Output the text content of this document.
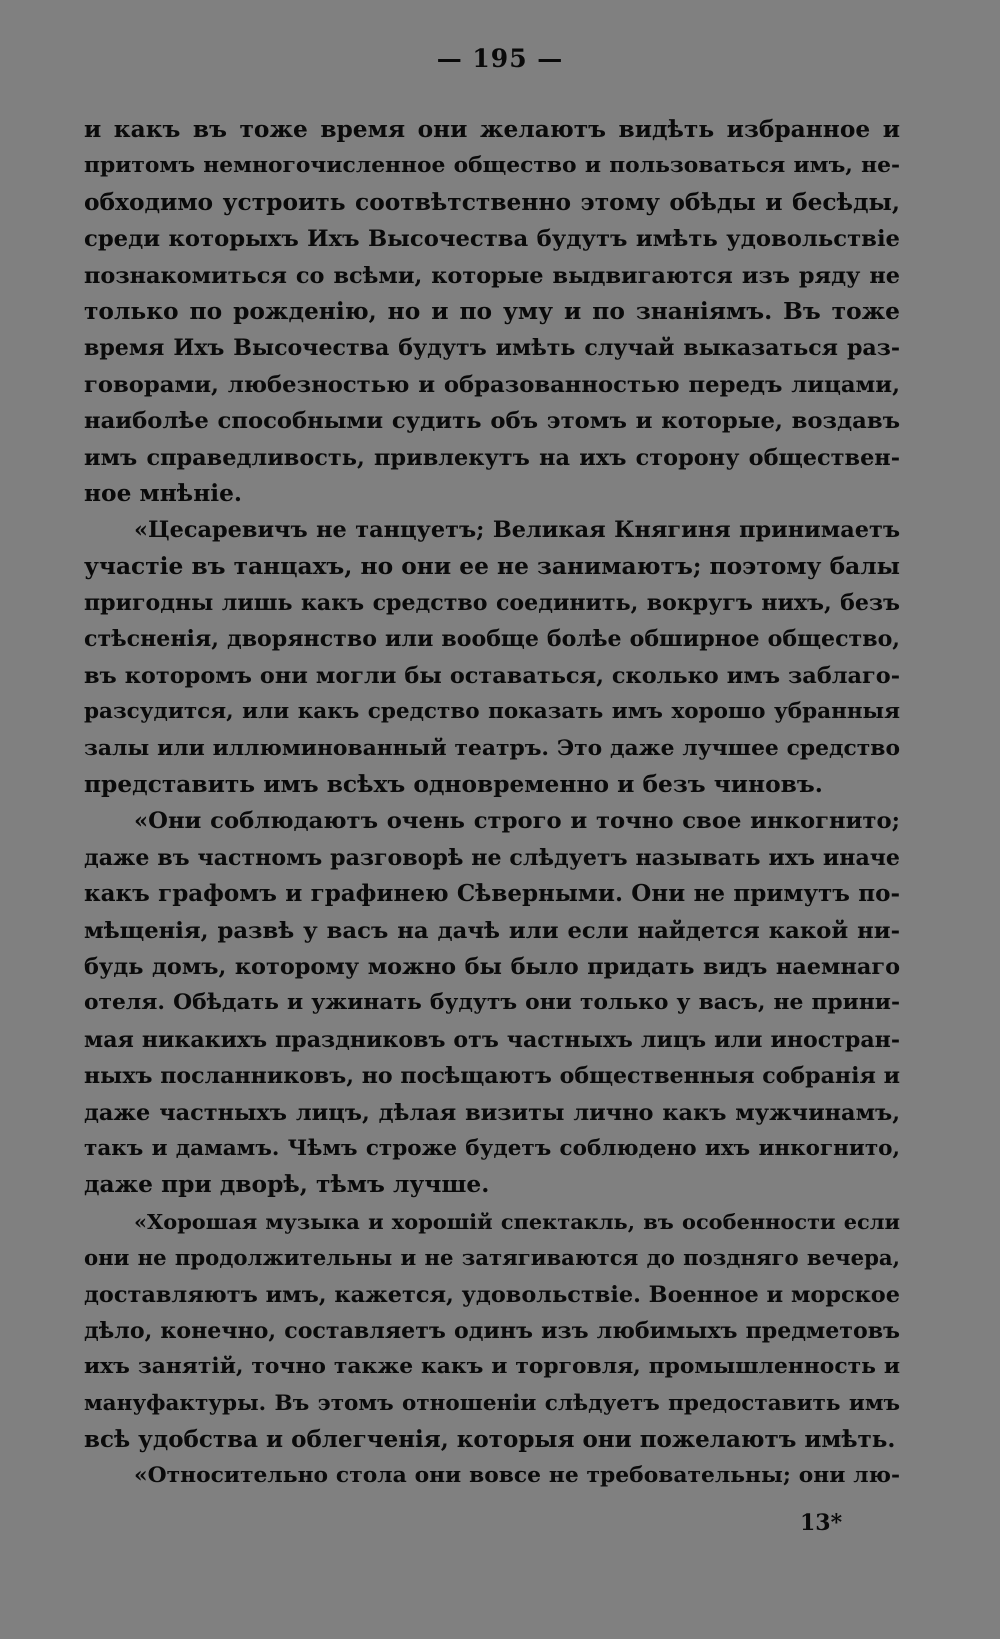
— 195 —
и какъ въ тоже время они желаютъ видѣть избранное и
притомъ немногочисленное общество и пользоваться имъ, не-
обходимо устроить соотвѣтственно этому обѣды и бесѣды,
среди которыхъ Ихъ Высочества будутъ имѣть удовольствіе
познакомиться со всѣми, которые выдвигаются изъ ряду не
только по рожденію, но и по уму и по знаніямъ. Въ тоже
время Ихъ Высочества будутъ имѣть случай выказаться раз-
говорами, любезностью и образованностью передъ лицами,
наиболѣе способными судить объ этомъ и которые, воздавъ
имъ справедливость, привлекутъ на ихъ сторону обществен-
ное мнѣніе.
«Цесаревичъ не танцуетъ; Великая Княгиня принимаетъ
участіе въ танцахъ, но они ее не занимаютъ; поэтому балы
пригодны лишь какъ средство соединить, вокругъ нихъ, безъ
стѣсненія, дворянство или вообще болѣе обширное общество,
въ которомъ они могли бы оставаться, сколько имъ заблаго-
разсудится, или какъ средство показать имъ хорошо убранныя
залы или иллюминованный театръ. Это даже лучшее средство
представить имъ всѣхъ одновременно и безъ чиновъ.
«Они соблюдаютъ очень строго и точно свое инкогнито;
даже въ частномъ разговорѣ не слѣдуетъ называть ихъ иначе
какъ графомъ и графинею Сѣверными. Они не примутъ по-
мѣщенія, развѣ у васъ на дачѣ или если найдется какой ни-
будь домъ, которому можно бы было придать видъ наемнаго
отеля. Обѣдать и ужинать будутъ они только у васъ, не прини-
мая никакихъ праздниковъ отъ частныхъ лицъ или иностран-
ныхъ посланниковъ, но посѣщаютъ общественныя собранія и
даже частныхъ лицъ, дѣлая визиты лично какъ мужчинамъ,
такъ и дамамъ. Чѣмъ строже будетъ соблюдено ихъ инкогнито,
даже при дворѣ, тѣмъ лучше.
«Хорошая музыка и хорошій спектакль, въ особенности если
они не продолжительны и не затягиваются до поздняго вечера,
доставляютъ имъ, кажется, удовольствіе. Военное и морское
дѣло, конечно, составляетъ одинъ изъ любимыхъ предметовъ
ихъ занятій, точно также какъ и торговля, промышленность и
мануфактуры. Въ этомъ отношеніи слѣдуетъ предоставить имъ
всѣ удобства и облегченія, которыя они пожелаютъ имѣть.
«Относительно стола они вовсе не требовательны; они лю-
13*
